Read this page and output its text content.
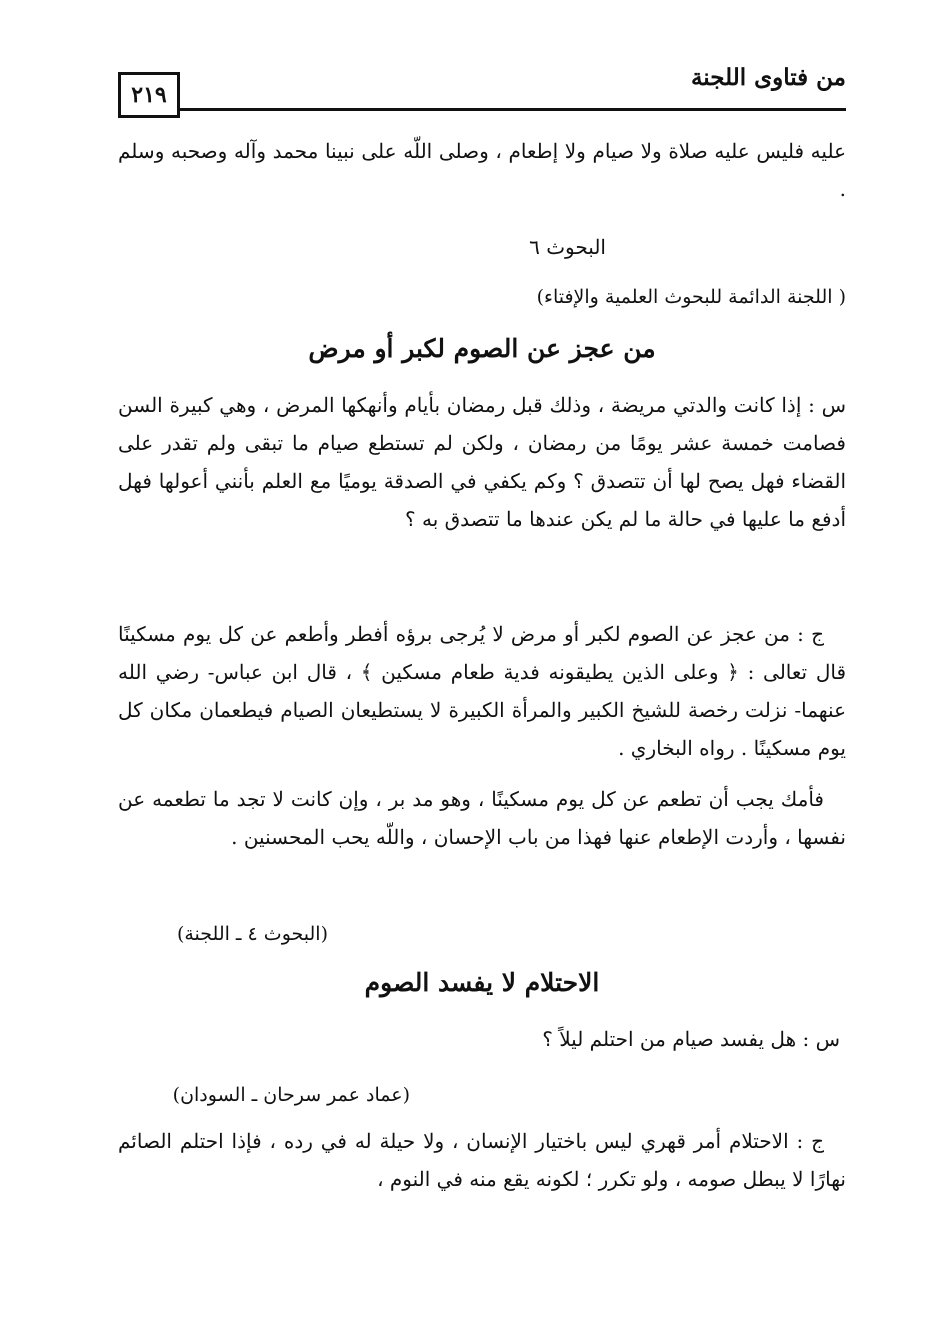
من فتاوى اللجنة
٢١٩
عليه فليس عليه صلاة ولا صيام ولا إطعام ، وصلى اللّه على نبينا محمد وآله وصحبه وسلم .
البحوث ٦
( اللجنة الدائمة للبحوث العلمية والإفتاء)
من عجز عن الصوم لكبر أو مرض
س : إذا كانت والدتي مريضة ، وذلك قبل رمضان بأيام وأنهكها المرض ، وهي كبيرة السن فصامت خمسة عشر يومًا من رمضان ، ولكن لم تستطع صيام ما تبقى ولم تقدر على القضاء فهل يصح لها أن تتصدق ؟ وكم يكفي في الصدقة يوميًا مع العلم بأنني أعولها فهل أدفع ما عليها في حالة ما لم يكن عندها ما تتصدق به ؟
ج : من عجز عن الصوم لكبر أو مرض لا يُرجى برؤه أفطر وأطعم عن كل يوم مسكينًا قال تعالى : ﴿ وعلى الذين يطيقونه فدية طعام مسكين ﴾ ، قال ابن عباس- رضي الله عنهما- نزلت رخصة للشيخ الكبير والمرأة الكبيرة لا يستطيعان الصيام فيطعمان مكان كل يوم مسكينًا . رواه البخاري .
فأمك يجب أن تطعم عن كل يوم مسكينًا ، وهو مد بر ، وإن كانت لا تجد ما تطعمه عن نفسها ، وأردت الإطعام عنها فهذا من باب الإحسان ، واللّه يحب المحسنين .
(البحوث ٤ ـ اللجنة)
الاحتلام لا يفسد الصوم
س : هل يفسد صيام من احتلم ليلاً ؟
(عماد عمر سرحان ـ السودان)
ج : الاحتلام أمر قهري ليس باختيار الإنسان ، ولا حيلة له في رده ، فإذا احتلم الصائم نهارًا لا يبطل صومه ، ولو تكرر ؛ لكونه يقع منه في النوم ،
